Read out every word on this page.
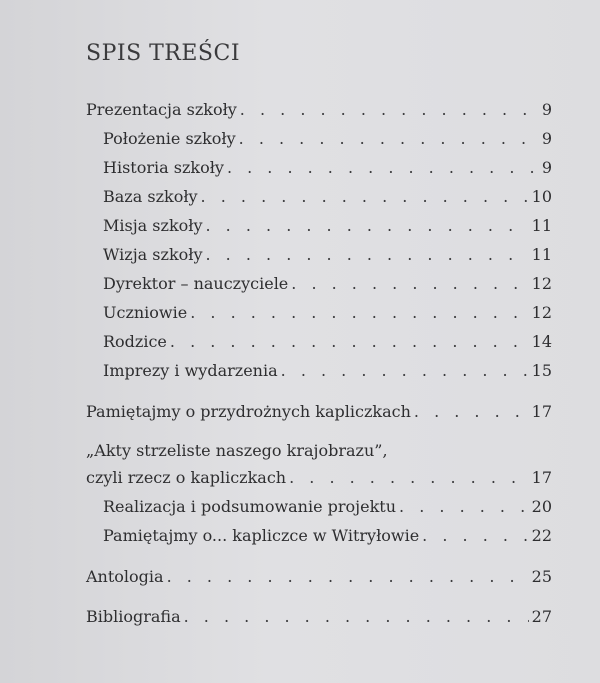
SPIS TREŚCI
Prezentacja szkoły . . .	9
Położenie szkoły . . .	9
Historia szkoły . . .	9
Baza szkoły . . .	10
Misja szkoły . . .	11
Wizja szkoły . . .	11
Dyrektor – nauczyciele . . .	12
Uczniowie . . .	12
Rodzice . . .	14
Imprezy i wydarzenia . . .	15
Pamiętajmy o przydrożnych kapliczkach . . .	17
„Akty strzeliste naszego krajobrazu”,
czyli rzecz o kapliczkach . . .	17
Realizacja i podsumowanie projektu . . .	20
Pamiętajmy o... kapliczce w Witryłowie . . .	22
Antologia . . .	25
Bibliografia . . .	27
